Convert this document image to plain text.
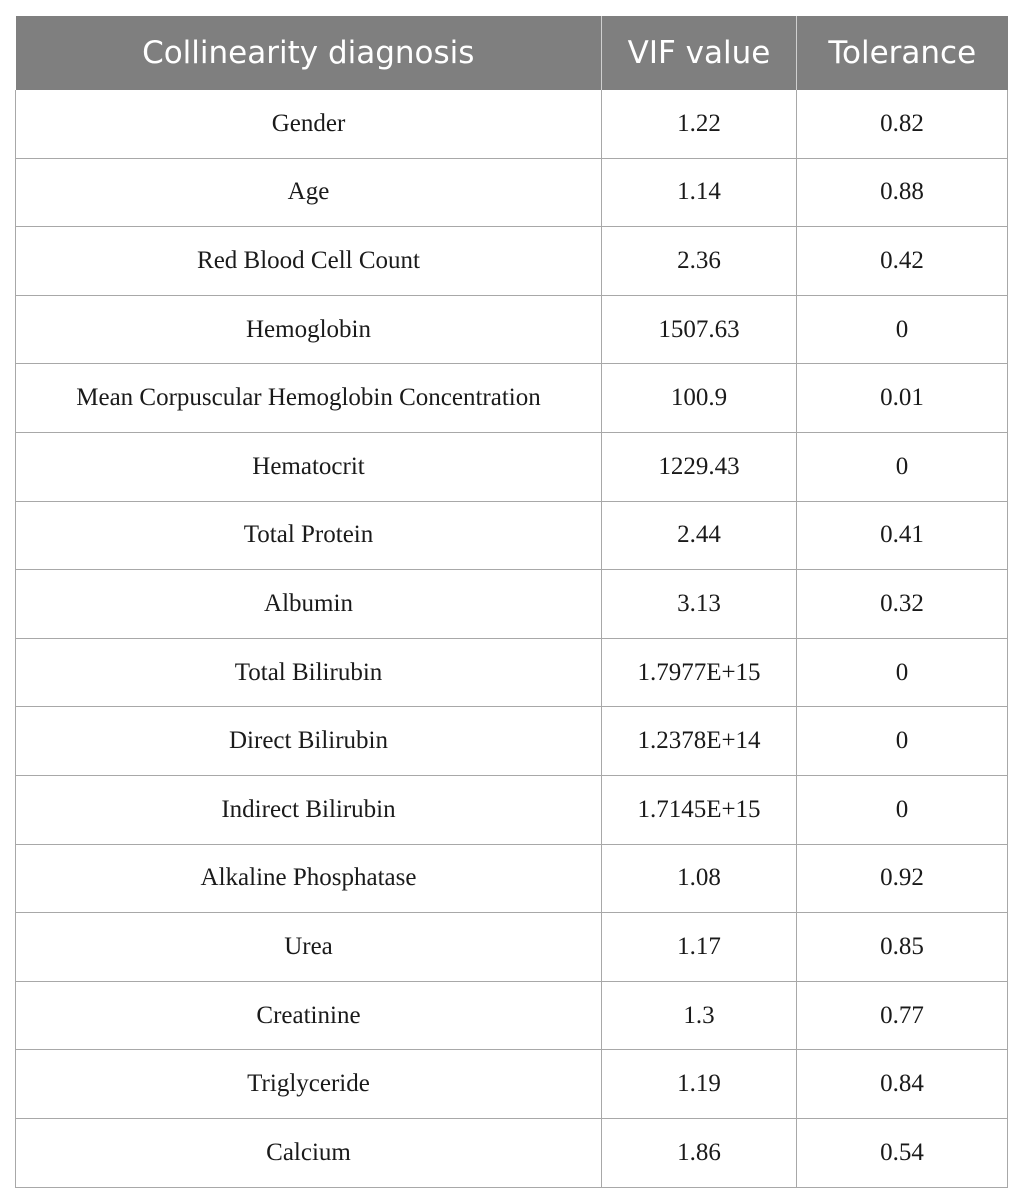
Collinearity diagnosis	VIF value	Tolerance
Gender	1.22	0.82
Age	1.14	0.88
Red Blood Cell Count	2.36	0.42
Hemoglobin	1507.63	0
Mean Corpuscular Hemoglobin Concentration	100.9	0.01
Hematocrit	1229.43	0
Total Protein	2.44	0.41
Albumin	3.13	0.32
Total Bilirubin	1.7977E+15	0
Direct Bilirubin	1.2378E+14	0
Indirect Bilirubin	1.7145E+15	0
Alkaline Phosphatase	1.08	0.92
Urea	1.17	0.85
Creatinine	1.3	0.77
Triglyceride	1.19	0.84
Calcium	1.86	0.54
